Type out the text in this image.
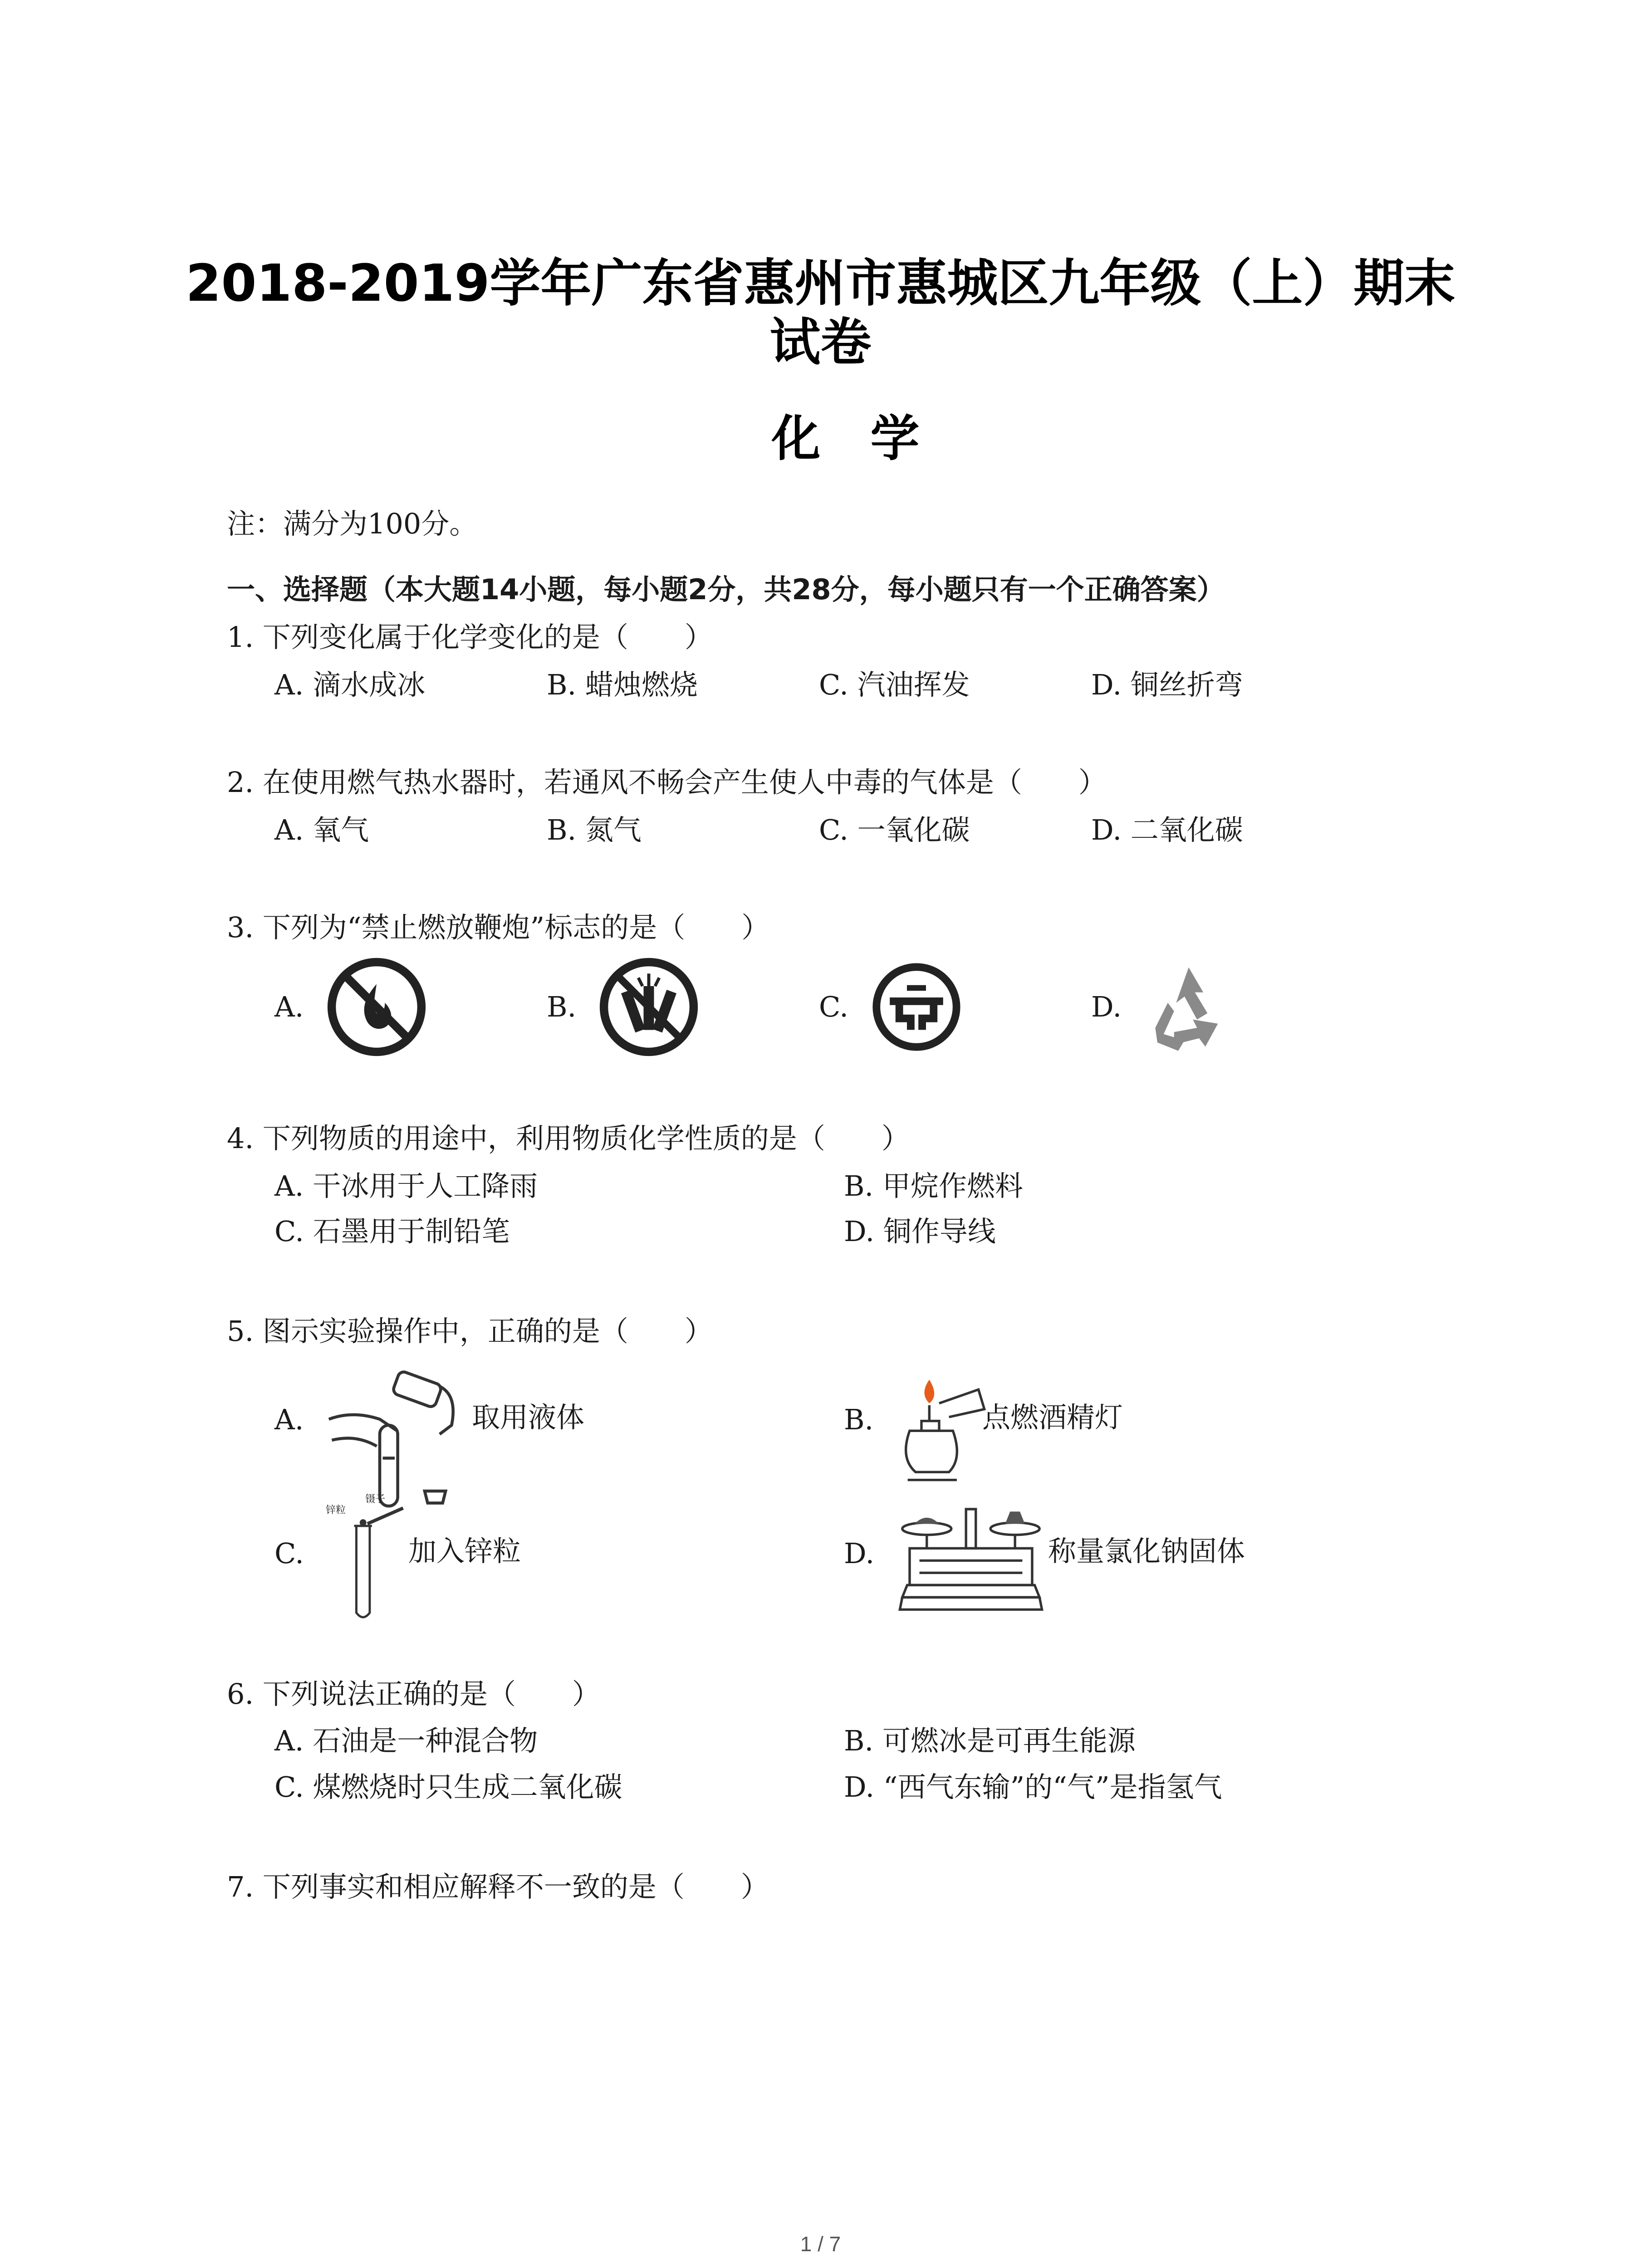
2018-2019学年广东省惠州市惠城区九年级（上）期末
试卷
化学
注：满分为100分。
一、选择题（本大题14小题，每小题2分，共28分，每小题只有一个正确答案）
1. 下列变化属于化学变化的是（　　）
A. 滴水成冰	B. 蜡烛燃烧	C. 汽油挥发	D. 铜丝折弯
2. 在使用燃气热水器时，若通风不畅会产生使人中毒的气体是（　　）
A. 氧气	B. 氮气	C. 一氧化碳	D. 二氧化碳
3. 下列为“禁止燃放鞭炮”标志的是（　　）
A.	B.	C.	D.
4. 下列物质的用途中，利用物质化学性质的是（　　）
A. 干冰用于人工降雨	B. 甲烷作燃料
C. 石墨用于制铅笔	D. 铜作导线
5. 图示实验操作中，正确的是（　　）
A.	取用液体	B.	点燃酒精灯
C.
锌粒
镊子
加入锌粒	D.	称量氯化钠固体
6. 下列说法正确的是（　　）
A. 石油是一种混合物	B. 可燃冰是可再生能源
C. 煤燃烧时只生成二氧化碳	D. “西气东输”的“气”是指氢气
7. 下列事实和相应解释不一致的是（　　）
1 / 7
